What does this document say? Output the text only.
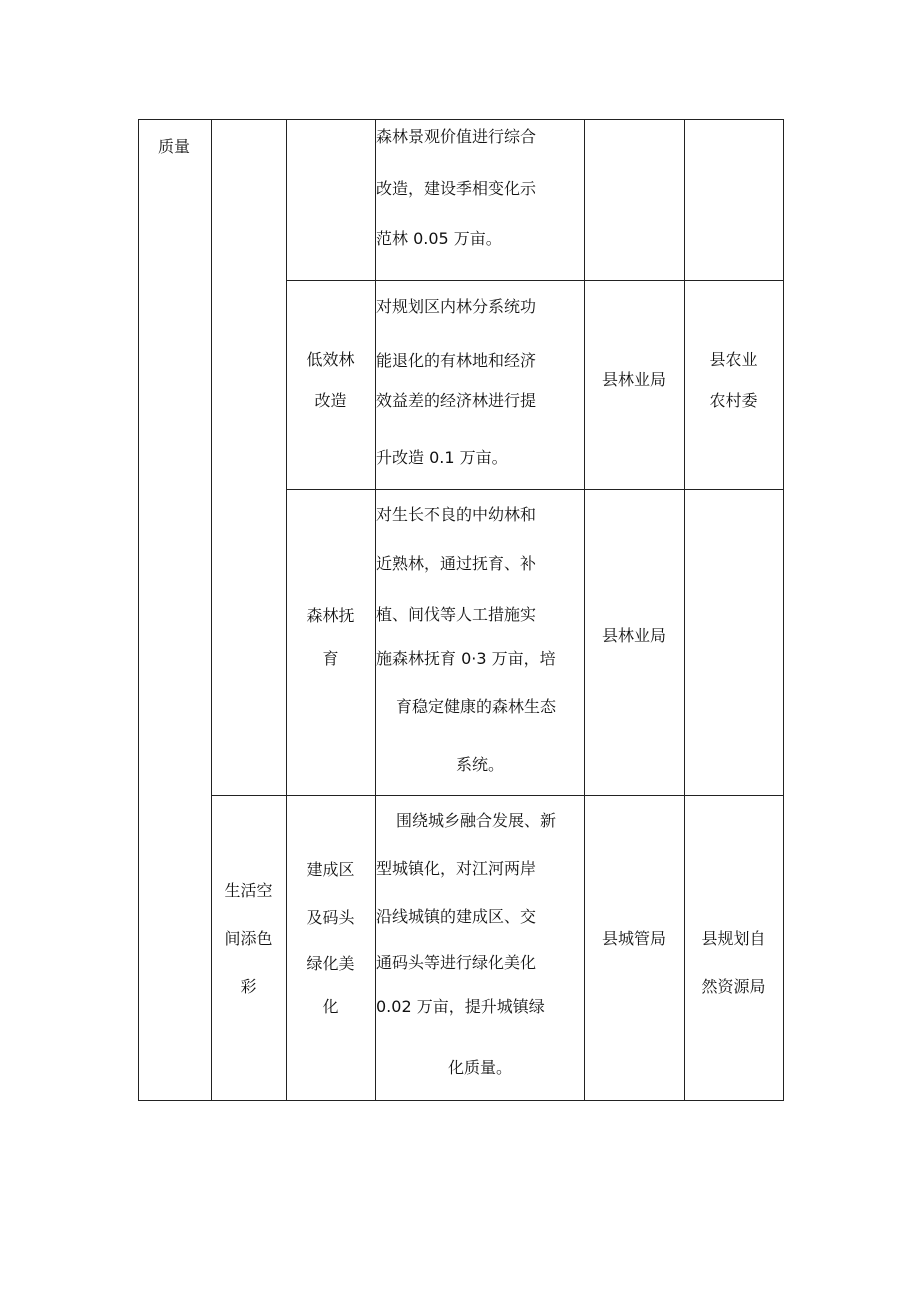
质量
森林景观价值进行综合
改造，建设季相变化示
范林 0.05 万亩。
低效林
改造
对规划区内林分系统功
能退化的有林地和经济
效益差的经济林进行提
升改造 0.1 万亩。
县林业局
县农业
农村委
森林抚
育
对生长不良的中幼林和
近熟林，通过抚育、补
植、间伐等人工措施实
施森林抚育 0·3 万亩，培
育稳定健康的森林生态
系统。
县林业局
生活空
间添色
彩
建成区
及码头
绿化美
化
围绕城乡融合发展、新
型城镇化，对江河两岸
沿线城镇的建成区、交
通码头等进行绿化美化
0.02 万亩，提升城镇绿
化质量。
县城管局	县规划自
然资源局
